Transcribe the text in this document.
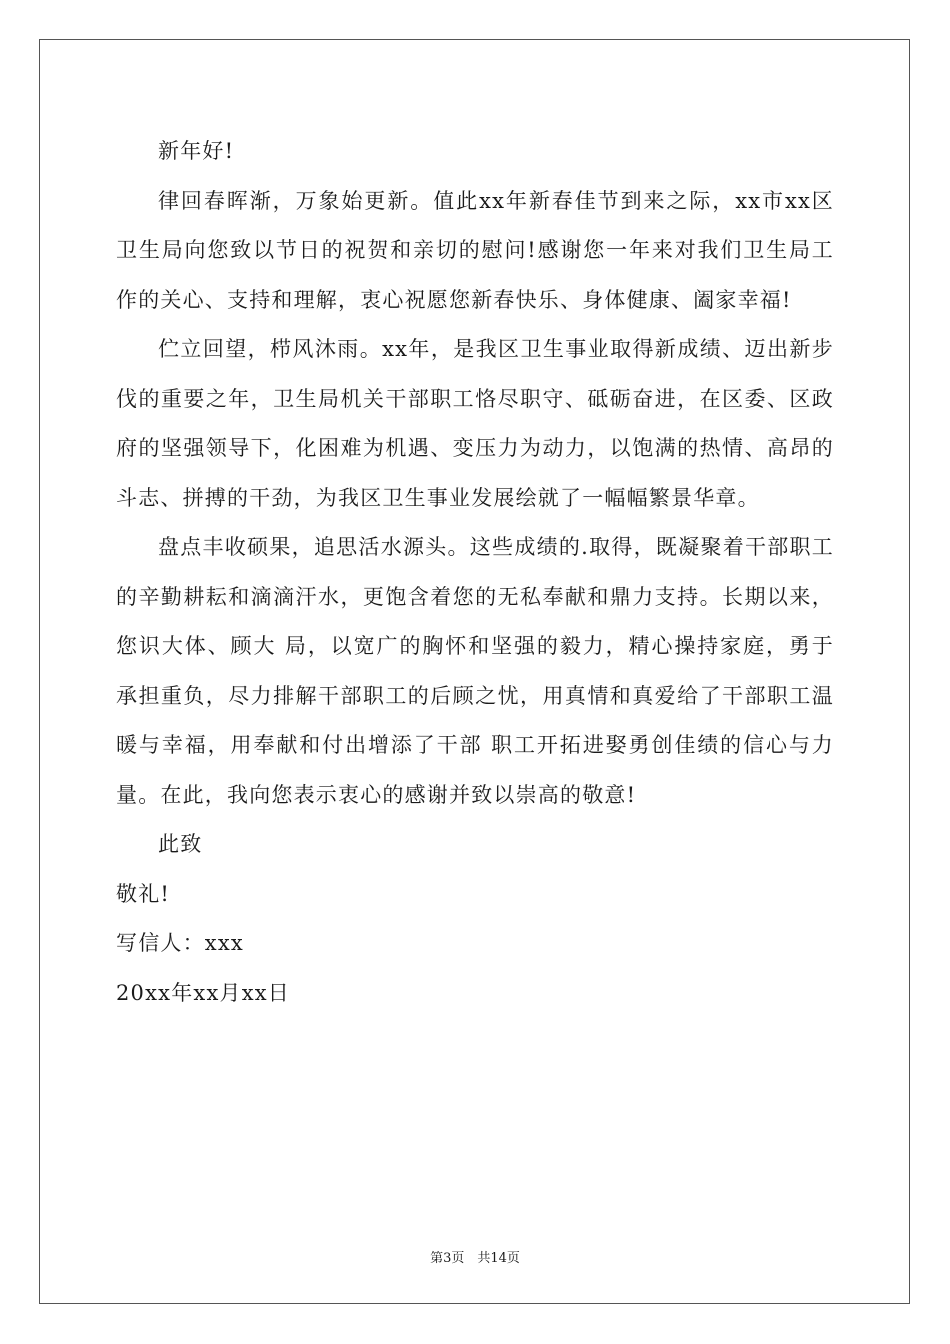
新年好!

律回春晖渐，万象始更新。值此xx年新春佳节到来之际，xx市xx区卫生局向您致以节日的祝贺和亲切的慰问!感谢您一年来对我们卫生局工作的关心、支持和理解，衷心祝愿您新春快乐、身体健康、阖家幸福!

伫立回望，栉风沐雨。xx年，是我区卫生事业取得新成绩、迈出新步伐的重要之年，卫生局机关干部职工恪尽职守、砥砺奋进，在区委、区政府的坚强领导下，化困难为机遇、变压力为动力，以饱满的热情、高昂的斗志、拼搏的干劲，为我区卫生事业发展绘就了一幅幅繁景华章。

盘点丰收硕果，追思活水源头。这些成绩的.取得，既凝聚着干部职工的辛勤耕耘和滴滴汗水，更饱含着您的无私奉献和鼎力支持。长期以来，您识大体、顾大 局，以宽广的胸怀和坚强的毅力，精心操持家庭，勇于承担重负，尽力排解干部职工的后顾之忧，用真情和真爱给了干部职工温暖与幸福，用奉献和付出增添了干部 职工开拓进娶勇创佳绩的信心与力量。在此，我向您表示衷心的感谢并致以崇高的敬意!

此致

敬礼!

写信人：xxx

20xx年xx月xx日

第3页　共14页
